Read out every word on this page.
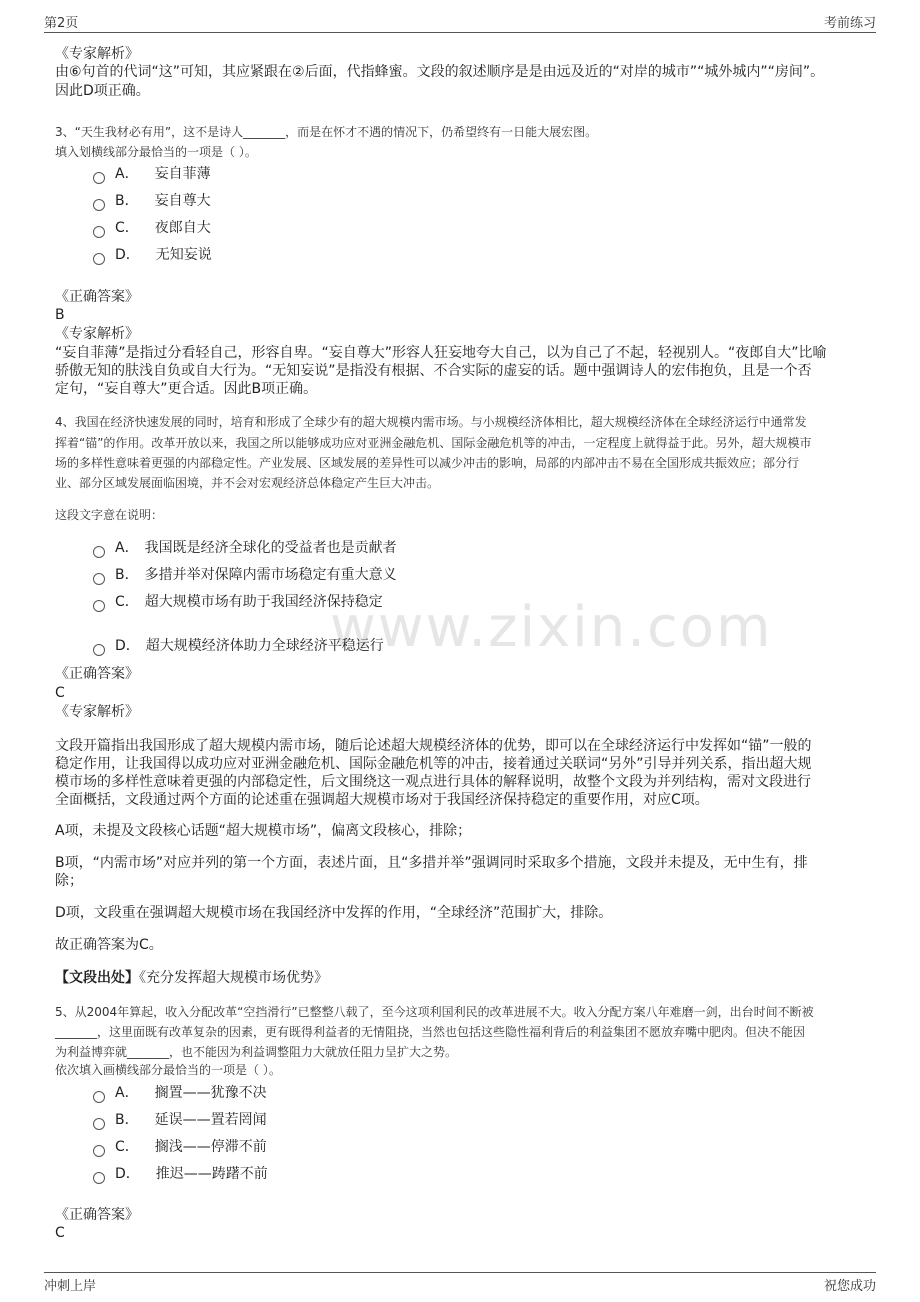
www.zixin.com
第2页	考前练习
《专家解析》
由⑥句首的代词“这”可知，其应紧跟在②后面，代指蜂蜜。文段的叙述顺序是是由远及近的“对岸的城市”“城外城内”“房间”。
因此D项正确。
3、“天生我材必有用”，这不是诗人_______，而是在怀才不遇的情况下，仍希望终有一日能大展宏图。
填入划横线部分最恰当的一项是（ ）。
A． 妄自菲薄
B． 妄自尊大
C． 夜郎自大
D． 无知妄说
《正确答案》
B
《专家解析》
“妄自菲薄”是指过分看轻自己，形容自卑。“妄自尊大”形容人狂妄地夸大自己，以为自己了不起，轻视别人。“夜郎自大”比喻
骄傲无知的肤浅自负或自大行为。“无知妄说”是指没有根据、不合实际的虚妄的话。题中强调诗人的宏伟抱负，且是一个否
定句，“妄自尊大”更合适。因此B项正确。
4、我国在经济快速发展的同时，培育和形成了全球少有的超大规模内需市场。与小规模经济体相比，超大规模经济体在全球经济运行中通常发
挥着“锚”的作用。改革开放以来，我国之所以能够成功应对亚洲金融危机、国际金融危机等的冲击，一定程度上就得益于此。另外，超大规模市
场的多样性意味着更强的内部稳定性。产业发展、区域发展的差异性可以减少冲击的影响，局部的内部冲击不易在全国形成共振效应；部分行
业、部分区域发展面临困境，并不会对宏观经济总体稳定产生巨大冲击。
这段文字意在说明：
A． 我国既是经济全球化的受益者也是贡献者
B． 多措并举对保障内需市场稳定有重大意义
C． 超大规模市场有助于我国经济保持稳定
D． 超大规模经济体助力全球经济平稳运行
《正确答案》
C
《专家解析》
文段开篇指出我国形成了超大规模内需市场，随后论述超大规模经济体的优势，即可以在全球经济运行中发挥如“锚”一般的
稳定作用，让我国得以成功应对亚洲金融危机、国际金融危机等的冲击，接着通过关联词“另外”引导并列关系，指出超大规
模市场的多样性意味着更强的内部稳定性，后文围绕这一观点进行具体的解释说明，故整个文段为并列结构，需对文段进行
全面概括，文段通过两个方面的论述重在强调超大规模市场对于我国经济保持稳定的重要作用，对应C项。
A项，未提及文段核心话题“超大规模市场”，偏离文段核心，排除；
B项，“内需市场”对应并列的第一个方面，表述片面，且“多措并举”强调同时采取多个措施，文段并未提及，无中生有，排
除；
D项，文段重在强调超大规模市场在我国经济中发挥的作用，“全球经济”范围扩大，排除。
故正确答案为C。
【文段出处】《充分发挥超大规模市场优势》
5、从2004年算起，收入分配改革“空挡滑行”已整整八载了，至今这项利国利民的改革进展不大。收入分配方案八年难磨一剑，出台时间不断被
_______，这里面既有改革复杂的因素，更有既得利益者的无情阻挠，当然也包括这些隐性福利背后的利益集团不愿放弃嘴中肥肉。但决不能因
为利益博弈就_______，也不能因为利益调整阻力大就放任阻力呈扩大之势。
依次填入画横线部分最恰当的一项是（ ）。
A． 搁置——犹豫不决
B． 延误——置若罔闻
C． 搁浅——停滞不前
D． 推迟——踌躇不前
《正确答案》
C
冲刺上岸	祝您成功
